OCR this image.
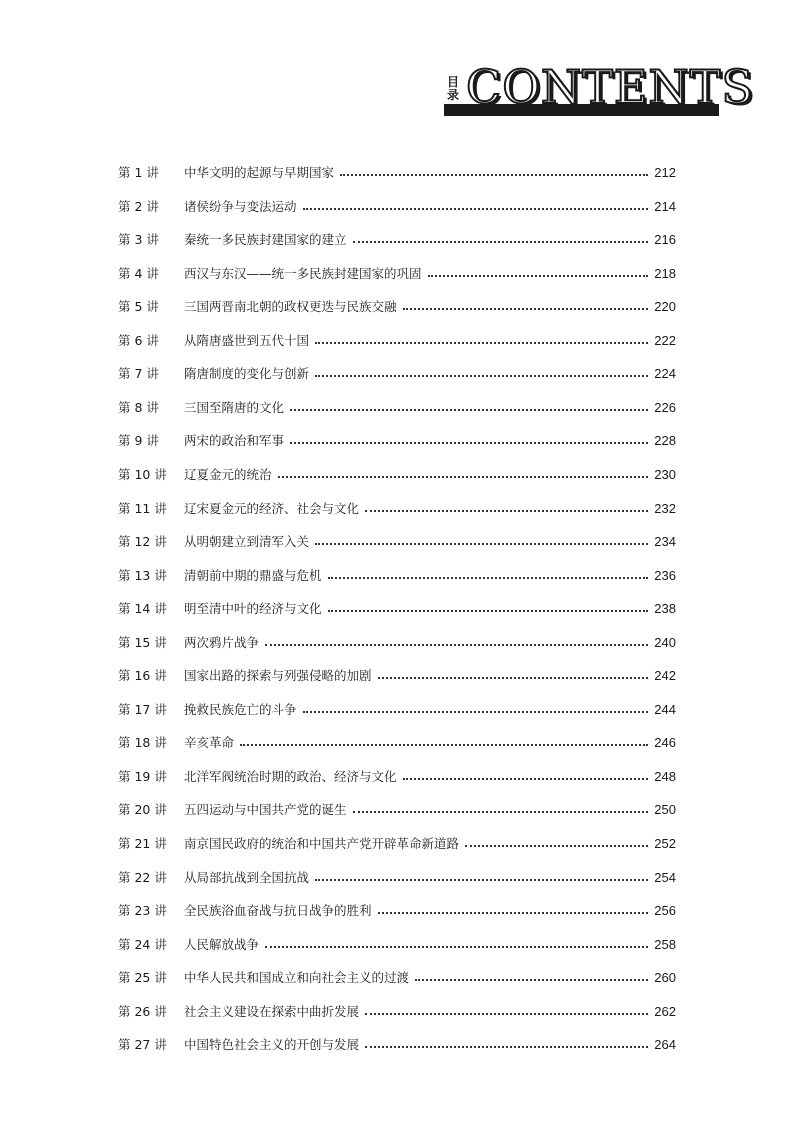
目
录 CONTENTS
第 1 讲	中华文明的起源与早期国家	212
第 2 讲	诸侯纷争与变法运动	214
第 3 讲	秦统一多民族封建国家的建立	216
第 4 讲	西汉与东汉——统一多民族封建国家的巩固	218
第 5 讲	三国两晋南北朝的政权更迭与民族交融	220
第 6 讲	从隋唐盛世到五代十国	222
第 7 讲	隋唐制度的变化与创新	224
第 8 讲	三国至隋唐的文化	226
第 9 讲	两宋的政治和军事	228
第 10 讲	辽夏金元的统治	230
第 11 讲	辽宋夏金元的经济、社会与文化	232
第 12 讲	从明朝建立到清军入关	234
第 13 讲	清朝前中期的鼎盛与危机	236
第 14 讲	明至清中叶的经济与文化	238
第 15 讲	两次鸦片战争	240
第 16 讲	国家出路的探索与列强侵略的加剧	242
第 17 讲	挽救民族危亡的斗争	244
第 18 讲	辛亥革命	246
第 19 讲	北洋军阀统治时期的政治、经济与文化	248
第 20 讲	五四运动与中国共产党的诞生	250
第 21 讲	南京国民政府的统治和中国共产党开辟革命新道路	252
第 22 讲	从局部抗战到全国抗战	254
第 23 讲	全民族浴血奋战与抗日战争的胜利	256
第 24 讲	人民解放战争	258
第 25 讲	中华人民共和国成立和向社会主义的过渡	260
第 26 讲	社会主义建设在探索中曲折发展	262
第 27 讲	中国特色社会主义的开创与发展	264
